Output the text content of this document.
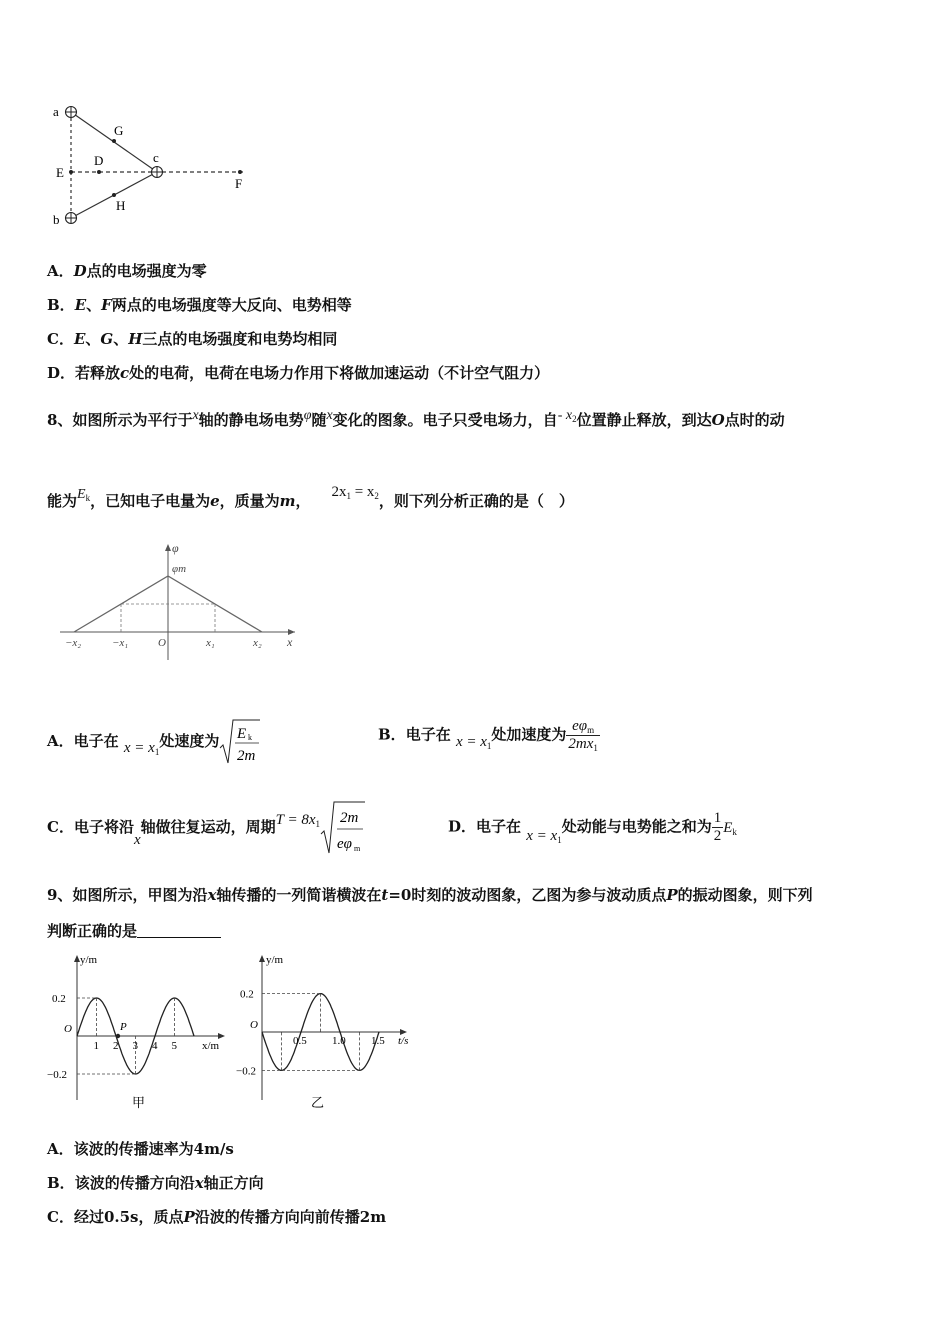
a
b
c
D
E
F
G
H
A．D点的电场强度为零
B．E、F两点的电场强度等大反向、电势相等
C．E、G、H三点的电场强度和电势均相同
D．若释放c处的电荷，电荷在电场力作用下将做加速运动（不计空气阻力）
8、如图所示为平行于x轴的静电场电势φ随x变化的图象。电子只受电场力，自- $x_2$位置静止释放，到达O点时的动
能为$E_k$，已知电子电量为e，质量为m， $2x_1 = x_2$，则下列分析正确的是（　）
−x₂	−x₁	O	x₁	x₂
φm
φ
x
A．电子在 $x = x_1$处速度为 E k
2m
B．电子在 $x = x_1$处加速度为 $\frac{e\varphi_m}{2mx_1}$
C．电子将沿x轴做往复运动，周期$T = 8x_1$ 2m
eφ m
D．电子在 $x = x_1$处动能与电势能之和为 $\frac{1}{2} E_k$
9、如图所示，甲图为沿x轴传播的一列简谐横波在t=0时刻的波动图象，乙图为参与波动质点P的振动图象，则下列
判断正确的是
P
1 2 3 4 5
0.2
O
−0.2
y/m
x/m
甲
0.5 1.0 1.5
0.2
O
−0.2
y/m
t/s
乙
A．该波的传播速率为4m/s
B．该波的传播方向沿x轴正方向
C．经过0.5s，质点P沿波的传播方向向前传播2m
